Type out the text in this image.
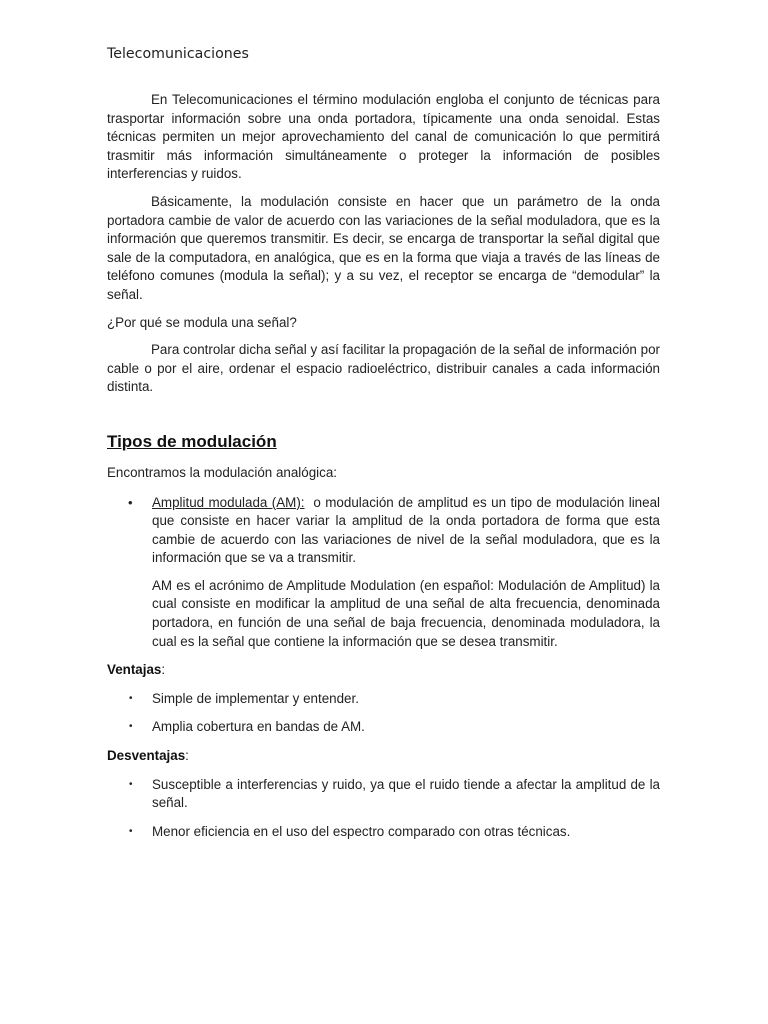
Telecomunicaciones

En Telecomunicaciones el término modulación engloba el conjunto de técnicas para trasportar información sobre una onda portadora, típicamente una onda senoidal. Estas técnicas permiten un mejor aprovechamiento del canal de comunicación lo que permitirá trasmitir más información simultáneamente o proteger la información de posibles interferencias y ruidos.

Básicamente, la modulación consiste en hacer que un parámetro de la onda portadora cambie de valor de acuerdo con las variaciones de la señal moduladora, que es la información que queremos transmitir. Es decir, se encarga de transportar la señal digital que sale de la computadora, en analógica, que es en la forma que viaja a través de las líneas de teléfono comunes (modula la señal); y a su vez, el receptor se encarga de “demodular” la señal.

¿Por qué se modula una señal?

Para controlar dicha señal y así facilitar la propagación de la señal de información por cable o por el aire, ordenar el espacio radioeléctrico, distribuir canales a cada información distinta.

Tipos de modulación

Encontramos la modulación analógica:

• Amplitud modulada (AM): o modulación de amplitud es un tipo de modulación lineal que consiste en hacer variar la amplitud de la onda portadora de forma que esta cambie de acuerdo con las variaciones de nivel de la señal moduladora, que es la información que se va a transmitir.

AM es el acrónimo de Amplitude Modulation (en español: Modulación de Amplitud) la cual consiste en modificar la amplitud de una señal de alta frecuencia, denominada portadora, en función de una señal de baja frecuencia, denominada moduladora, la cual es la señal que contiene la información que se desea transmitir.

Ventajas:

• Simple de implementar y entender.
• Amplia cobertura en bandas de AM.

Desventajas:

• Susceptible a interferencias y ruido, ya que el ruido tiende a afectar la amplitud de la señal.
• Menor eficiencia en el uso del espectro comparado con otras técnicas.
